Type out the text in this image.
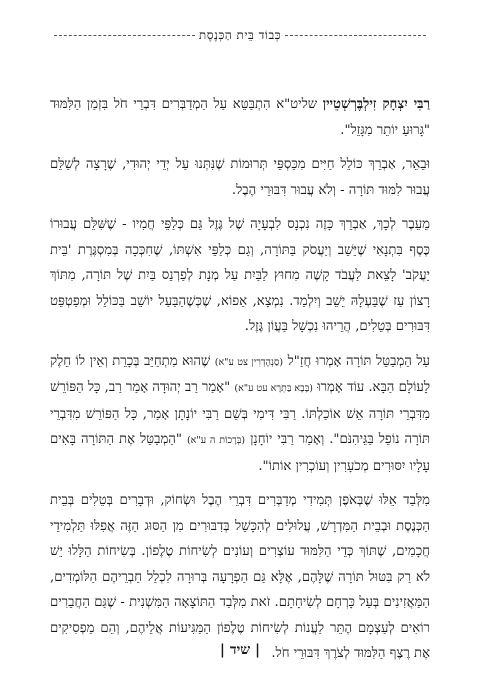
כְּבוֹד בֵּית הַכְּנֶסֶת

רַבִּי יִצְחָק זִילְבֶּרְשְׁטֵיין שליט"א הִתְבַּטֵּא עַל הַמְדַבְּרִים דִּבְרֵי חֹל בִּזְמַן הַלִּמּוּד "גָּרוּעַ יוֹתֵר מִגָּזֵל".

וּבֵאֵר, אַבְרֵךְ כּוֹלֵל חַיִּים מִכַּסְפֵּי תְּרוּמוֹת שֶׁנִּתְּנוּ עַל יְדֵי יְהוּדִי, שֶׁרָצָה לְשַׁלֵּם עֲבוּר לִמּוּד תּוֹרָה - וְלֹא עֲבוּר דִּבּוּרֵי הֶבֶל.

מֵעֵבֶר לְכָךְ, אַבְרֵךְ כָּזֶה נִכְנָס לִבְעָיָה שֶׁל גֶּזֶל גַּם כְּלַפֵּי חֲמִיו - שֶׁשִּׁלֵּם עֲבוּרוֹ כֶּסֶף בִּתְנָאִי שֶׁיֵּשֵׁב וְיַעֲסֹק בַּתּוֹרָה, וְגַם כְּלַפֵּי אִשְׁתּוֹ, שֶׁחִכְּכָה בְּמִסְגֶּרֶת 'בֵּית יַעֲקֹב' לָצֵאת לַעֲבֹד קָשֶׁה מִחוּץ לַבַּיִת עַל מְנָת לְפַרְנֵס בַּיִת שֶׁל תּוֹרָה, מִתּוֹךְ רָצוֹן עַז שֶׁבַּעְלָהּ יֵשֵׁב וְיִלְמַד. נִמְצָא, אֵפוֹא, שֶׁכְּשֶׁהַבַּעַל יוֹשֵׁב בַּכּוֹלֵל וּמְפַטְפֵּט דִּבּוּרִים בְּטֵלִים, הֲרֵיהוּ נִכְשָׁל בַּעֲוֹן גֶּזֶל.

עַל הַמְבַטֵּל תּוֹרָה אָמְרוּ חֲזַ"ל (סַנְהֶדְרִין צט ע"א) שֶׁהוּא מִתְחַיֵּב בְּכָרֵת וְאֵין לוֹ חֵלֶק לָעוֹלָם הַבָּא. עוֹד אָמְרוּ (בָּבָא בַּתְרָא עט ע"א) "אָמַר רַב יְהוּדָה אָמַר רַב, כָּל הַפּוֹרֵשׁ מִדִּבְרֵי תּוֹרָה אֵשׁ אוֹכַלְתּוֹ. רַבִּי דִּימִי בְּשֵׁם רַבִּי יוֹנָתָן אָמַר, כָּל הַפּוֹרֵשׁ מִדִּבְרֵי תּוֹרָה נוֹפֵל בַּגֵּיהִנֹּם". וְאָמַר רַבִּי יוֹחָנָן (בְּרָכוֹת ה ע"א) "הַמְבַטֵּל אֶת הַתּוֹרָה בָּאִים עָלָיו יִסּוּרִים מְכֹעָרִין וְעוֹכְרִין אוֹתוֹ".

מִלְּבַד אֵלּוּ שֶׁבְּאֹפֶן תְּמִידִי מְדַבְּרִים דִּבְרֵי הֶבֶל וּשְׂחוֹק, וּדְבָרִים בְּטֵלִים בְּבֵית הַכְּנֶסֶת וּבְבֵית הַמִּדְרָשׁ, עֲלוּלִים לְהִכָּשֵׁל בְּדִבּוּרִים מִן הַסּוּג הַזֶּה אֲפִלּוּ תַּלְמִידֵי חֲכָמִים, שֶׁתּוֹךְ כְּדֵי הַלִּמּוּד עוֹצְרִים וְעוֹנִים לְשִׂיחוֹת טֶלֶפוֹן. בְּשִׂיחוֹת הַלָּלוּ יֵשׁ לֹא רַק בִּטּוּל תּוֹרָה שֶׁלָּהֶם, אֶלָּא גַּם הַפְרָעָה בְּרוּרָה לִכְלַל חַבְרֵיהֶם הַלּוֹמְדִים, הַמַּאֲזִינִים בְּעַל כָּרְחָם לְשִׂיחָתָם. זֹאת מִלְּבַד הַתּוֹצָאָה הַמִּשְׁנִית - שֶׁגַּם הַחֲבֵרִים רוֹאִים לְעַצְמָם הֶתֵּר לַעֲנוֹת לְשִׂיחוֹת טֶלֶפוֹן הַמַּגִּיעוֹת אֲלֵיהֶם, וְהֵם מַפְסִיקִים אֶת רֶצֶף הַלִּמּוּד לְצֹרֶךְ דִּבּוּרֵי חֹל.

| שיד |
